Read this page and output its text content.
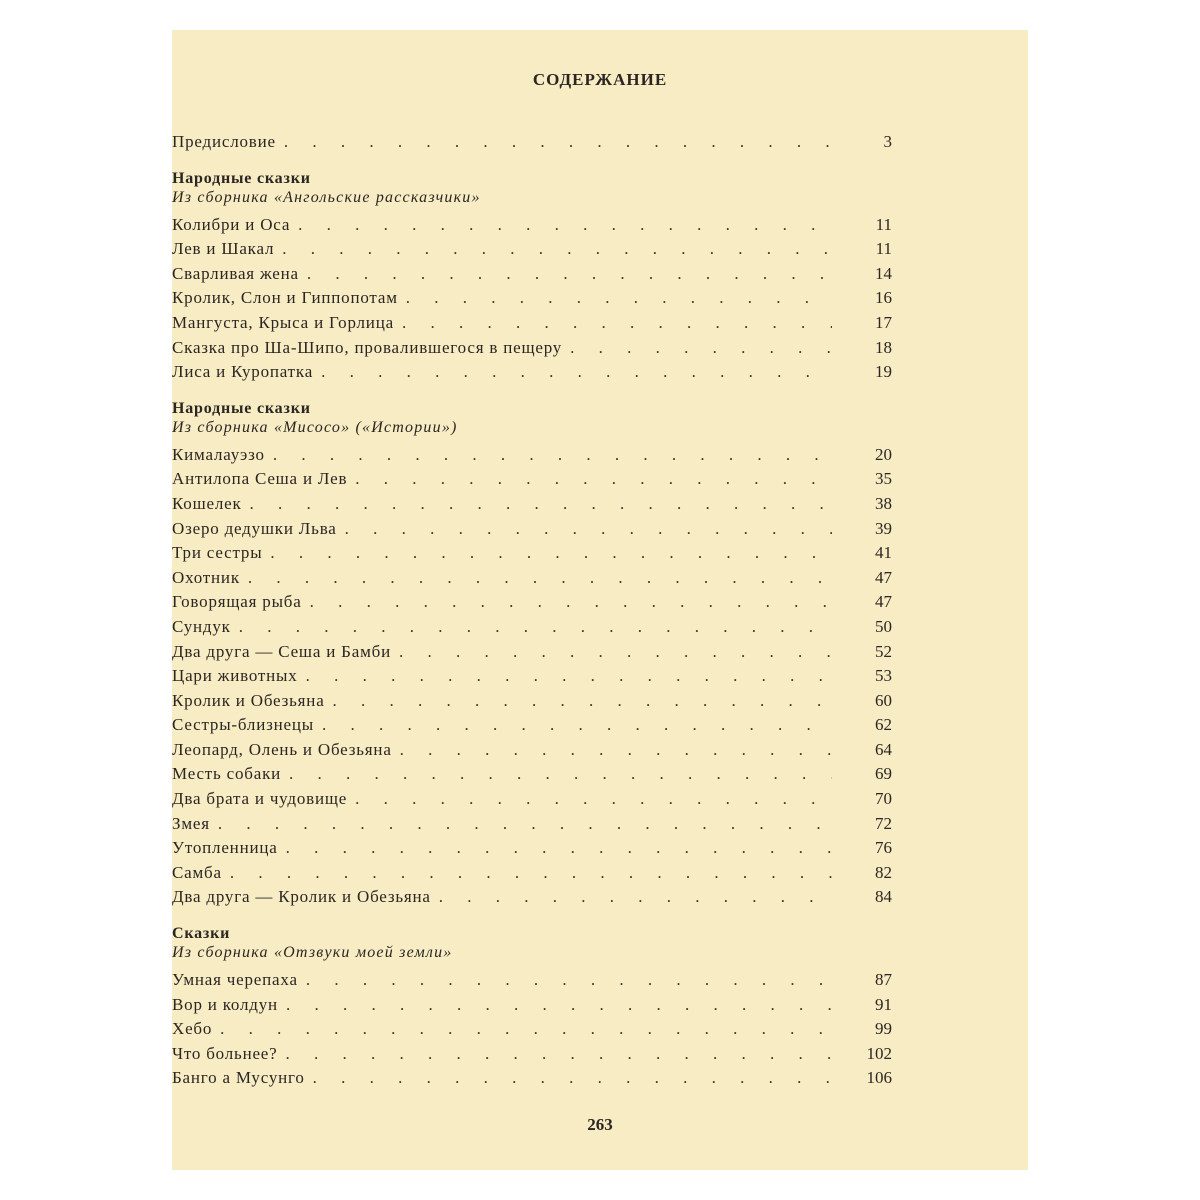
СОДЕРЖАНИЕ
Предисловие . . .	3
Народные сказки
Из сборника «Ангольские рассказчики»
Колибри и Оса . . .	11
Лев и Шакал . . .	11
Сварливая жена . . .	14
Кролик, Слон и Гиппопотам . . .	16
Мангуста, Крыса и Горлица . . .	17
Сказка про Ша-Шипо, провалившегося в пещеру . . .	18
Лиса и Куропатка . . .	19
Народные сказки
Из сборника «Мисосо» («Истории»)
Кималауэзо . . .	20
Антилопа Сеша и Лев . . .	35
Кошелек . . .	38
Озеро дедушки Льва . . .	39
Три сестры . . .	41
Охотник . . .	47
Говорящая рыба . . .	47
Сундук . . .	50
Два друга — Сеша и Бамби . . .	52
Цари животных . . .	53
Кролик и Обезьяна . . .	60
Сестры-близнецы . . .	62
Леопард, Олень и Обезьяна . . .	64
Месть собаки . . .	69
Два брата и чудовище . . .	70
Змея . . .	72
Утопленница . . .	76
Самба . . .	82
Два друга — Кролик и Обезьяна . . .	84
Сказки
Из сборника «Отзвуки моей земли»
Умная черепаха . . .	87
Вор и колдун . . .	91
Хебо . . .	99
Что больнее? . . .	102
Банго а Мусунго . . .	106
263
